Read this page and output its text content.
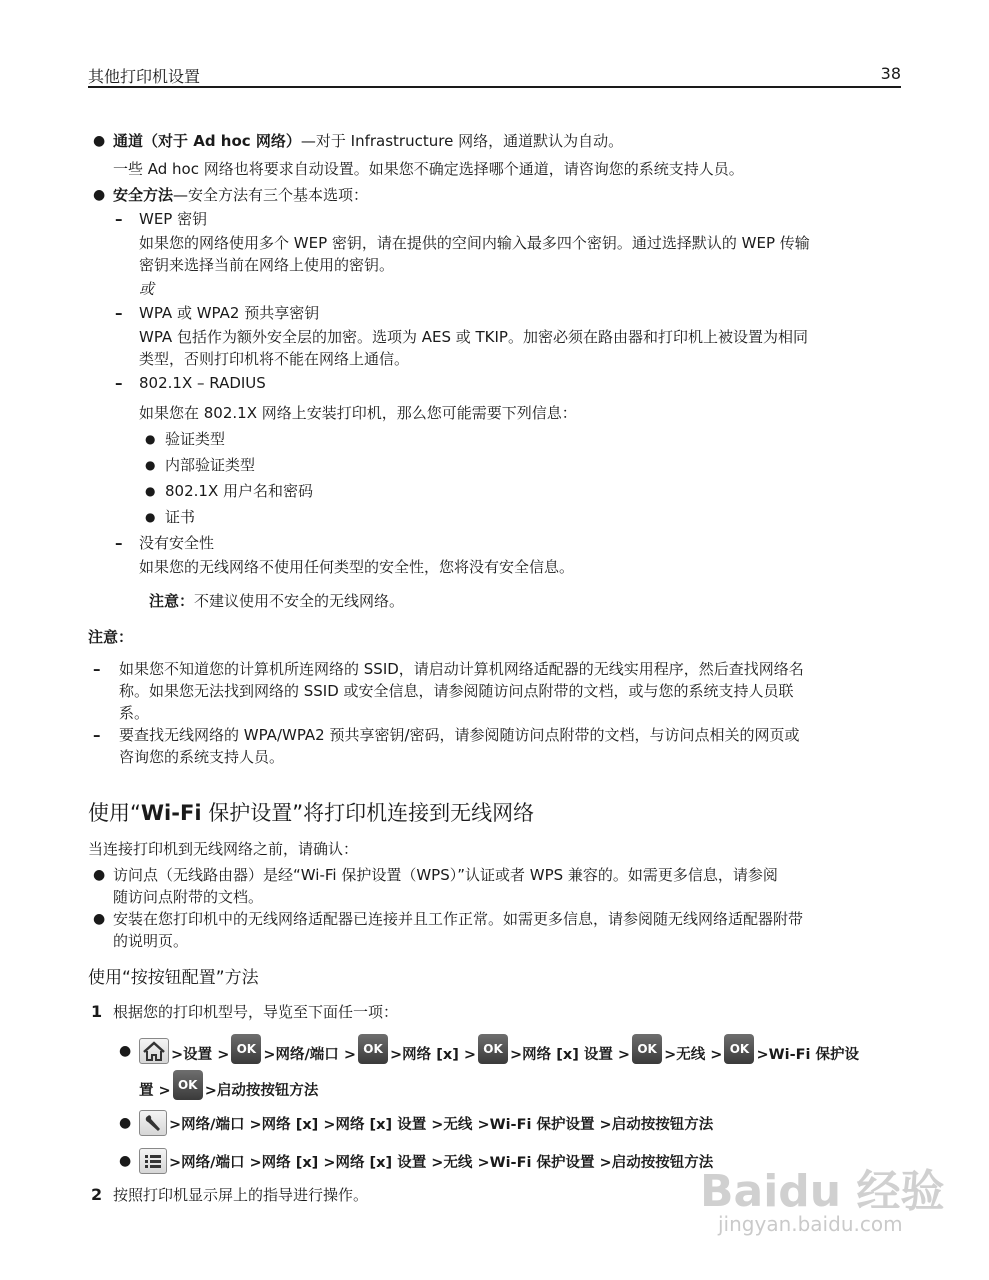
其他打印机设置	38
● 通道（对于 Ad hoc 网络）—对于 Infrastructure 网络，通道默认为自动。
一些 Ad hoc 网络也将要求自动设置。如果您不确定选择哪个通道，请咨询您的系统支持人员。
● 安全方法—安全方法有三个基本选项：
– WEP 密钥
如果您的网络使用多个 WEP 密钥，请在提供的空间内输入最多四个密钥。通过选择默认的 WEP 传输
密钥来选择当前在网络上使用的密钥。
或
– WPA 或 WPA2 预共享密钥
WPA 包括作为额外安全层的加密。选项为 AES 或 TKIP。加密必须在路由器和打印机上被设置为相同
类型，否则打印机将不能在网络上通信。
– 802.1X – RADIUS
如果您在 802.1X 网络上安装打印机，那么您可能需要下列信息：
● 验证类型
● 内部验证类型
● 802.1X 用户名和密码
● 证书
– 没有安全性
如果您的无线网络不使用任何类型的安全性，您将没有安全信息。
注意：不建议使用不安全的无线网络。
注意：
– 如果您不知道您的计算机所连网络的 SSID，请启动计算机网络适配器的无线实用程序，然后查找网络名
称。如果您无法找到网络的 SSID 或安全信息，请参阅随访问点附带的文档，或与您的系统支持人员联
系。
– 要查找无线网络的 WPA/WPA2 预共享密钥/密码，请参阅随访问点附带的文档，与访问点相关的网页或
咨询您的系统支持人员。
使用“Wi-Fi 保护设置”将打印机连接到无线网络
当连接打印机到无线网络之前，请确认：
● 访问点（无线路由器）是经“Wi-Fi 保护设置（WPS）”认证或者 WPS 兼容的。如需更多信息，请参阅
随访问点附带的文档。
● 安装在您打印机中的无线网络适配器已连接并且工作正常。如需更多信息，请参阅随无线网络适配器附带
的说明页。
使用“按按钮配置”方法
1 根据您的打印机型号，导览至下面任一项：
●	>设置 > OK >网络/端口 > OK >网络 [x] > OK >网络 [x] 设置 > OK >无线 > OK >Wi-Fi 保护设
置 > OK >启动按按钮方法
●	>网络/端口 >网络 [x] >网络 [x] 设置 >无线 >Wi-Fi 保护设置 >启动按按钮方法
●	>网络/端口 >网络 [x] >网络 [x] 设置 >无线 >Wi-Fi 保护设置 >启动按按钮方法
2 按照打印机显示屏上的指导进行操作。	Baidu 经验
jingyan.baidu.com
